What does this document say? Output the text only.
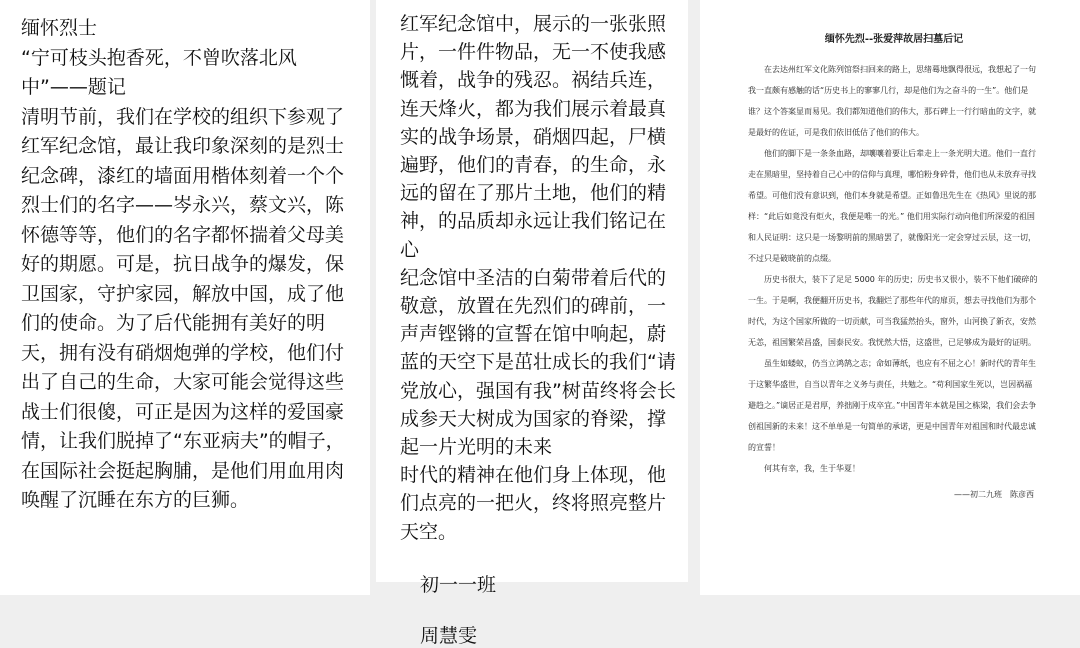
缅怀烈士

“宁可枝头抱香死，不曾吹落北风中”——题记

清明节前，我们在学校的组织下参观了红军纪念馆，最让我印象深刻的是烈士纪念碑，漆红的墙面用楷体刻着一个个烈士们的名字——岑永兴，蔡文兴，陈怀德等等，他们的名字都怀揣着父母美好的期愿。可是，抗日战争的爆发，保卫国家，守护家园，解放中国，成了他们的使命。为了后代能拥有美好的明天，拥有没有硝烟炮弹的学校，他们付出了自己的生命，大家可能会觉得这些战士们很傻，可正是因为这样的爱国豪情，让我们脱掉了“东亚病夫”的帽子，在国际社会挺起胸脯，是他们用血用肉唤醒了沉睡在东方的巨狮。

红军纪念馆中，展示的一张张照片，一件件物品，无一不使我感慨着，战争的残忍。祸结兵连，连天烽火，都为我们展示着最真实的战争场景，硝烟四起，尸横遍野，他们的青春，的生命，永远的留在了那片土地，他们的精神，的品质却永远让我们铭记在心

纪念馆中圣洁的白菊带着后代的敬意，放置在先烈们的碑前，一声声铿锵的宣誓在馆中响起，蔚蓝的天空下是茁壮成长的我们“请党放心，强国有我”树苗终将会长成参天大树成为国家的脊梁，撑起一片光明的未来

时代的精神在他们身上体现，他们点亮的一把火，终将照亮整片天空。

初一一班
周慧雯
缅怀先烈--张爱萍故居扫墓后记

在去达州红军文化陈列馆祭扫回来的路上，思绪蓦地飘得很远，我想起了一句我一直颇有感触的话“历史书上的寥寥几行，却是他们为之奋斗的一生”。他们是谁？这个答案显而易见。我们都知道他们的伟大，那石碑上一行行暗血的文字，就是最好的佐证，可是我们依旧低估了他们的伟大。

他们的脚下是一条条血路，却嚷嚷着要让后辈走上一条光明大道。他们一直行走在黑暗里，坚持着自己心中的信仰与真理，哪怕粉身碎骨，他们也从未放弃寻找希望。可他们没有意识到，他们本身就是希望。正如鲁迅先生在《热风》里说的那样：“此后如竟没有炬火，我便是唯一的光。” 他们用实际行动向他们所深爱的祖国和人民证明：这只是一场黎明前的黑暗罢了，就像阳光一定会穿过云层，这一切，不过只是破晓前的点缀。

历史书很大，装下了足足 5000 年的历史；历史书又很小，装不下他们破碎的一生。于是啊，我便翻开历史书，我翻烂了那些年代的扉页，想去寻找他们为那个时代，为这个国家所做的一切贡献，可当我猛然抬头，窗外，山河换了新衣，安然无恙，祖国繁荣昌盛，国泰民安。我恍然大悟，这盛世，已足够成为最好的证明。

虽生如蝼蚁，仍当立鸿鹄之志；命如薄纸，也应有不屈之心！新时代的青年生于这繁华盛世，自当以青年之义务与责任，共勉之。“苟利国家生死以，岂因祸福避趋之。”谪居正是君厚，养拙刚于戍卒宜。”中国青年本就是国之栋梁，我们会去争创祖国新的未来！这不单单是一句简单的承诺，更是中国青年对祖国和时代最忠诚的宣誓！

何其有幸，我，生于华夏！

——初二九班　陈彦西
